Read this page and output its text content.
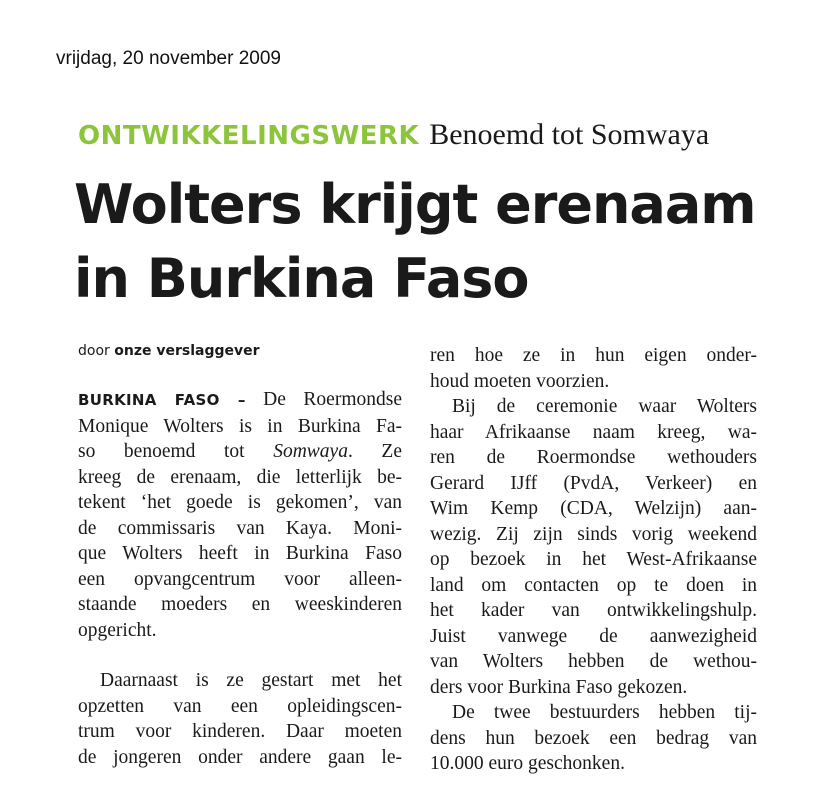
vrijdag, 20 november 2009
ONTWIKKELINGSWERK Benoemd tot Somwaya
Wolters krijgt erenaam
in Burkina Faso
door onze verslaggever
BURKINA FASO – De Roermondse
Monique Wolters is in Burkina Fa-
so benoemd tot Somwaya. Ze
kreeg de erenaam, die letterlijk be-
tekent ‘het goede is gekomen’, van
de commissaris van Kaya. Moni-
que Wolters heeft in Burkina Faso
een opvangcentrum voor alleen-
staande moeders en weeskinderen
opgericht.
Daarnaast is ze gestart met het
opzetten van een opleidingscen-
trum voor kinderen. Daar moeten
de jongeren onder andere gaan le-
ren hoe ze in hun eigen onder-
houd moeten voorzien.
Bij de ceremonie waar Wolters
haar Afrikaanse naam kreeg, wa-
ren de Roermondse wethouders
Gerard IJff (PvdA, Verkeer) en
Wim Kemp (CDA, Welzijn) aan-
wezig. Zij zijn sinds vorig weekend
op bezoek in het West-Afrikaanse
land om contacten op te doen in
het kader van ontwikkelingshulp.
Juist vanwege de aanwezigheid
van Wolters hebben de wethou-
ders voor Burkina Faso gekozen.
De twee bestuurders hebben tij-
dens hun bezoek een bedrag van
10.000 euro geschonken.
